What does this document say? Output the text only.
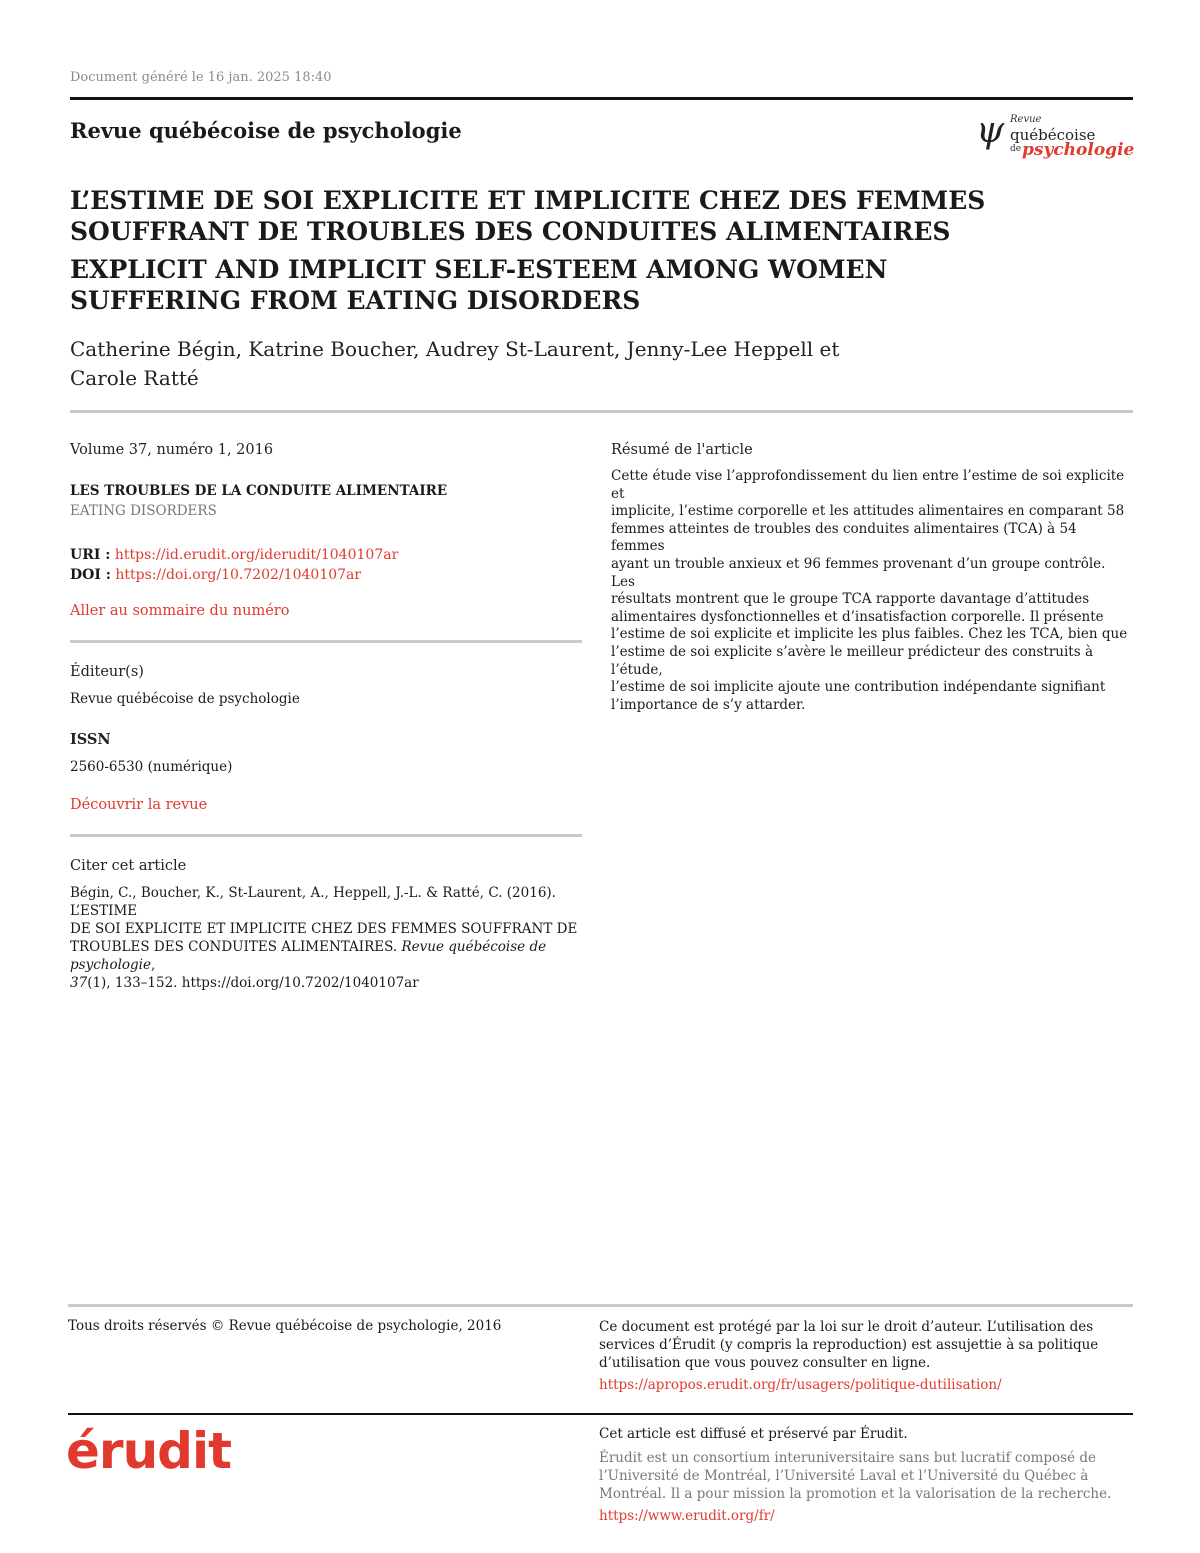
Document généré le 16 jan. 2025 18:40
Revue québécoise de psychologie	ψ Revue
québécoise
de psychologie
L’ESTIME DE SOI EXPLICITE ET IMPLICITE CHEZ DES FEMMES
SOUFFRANT DE TROUBLES DES CONDUITES ALIMENTAIRES
EXPLICIT AND IMPLICIT SELF-ESTEEM AMONG WOMEN
SUFFERING FROM EATING DISORDERS
Catherine Bégin, Katrine Boucher, Audrey St-Laurent, Jenny-Lee Heppell et
Carole Ratté
Volume 37, numéro 1, 2016
LES TROUBLES DE LA CONDUITE ALIMENTAIRE
EATING DISORDERS
URI : https://id.erudit.org/iderudit/1040107ar
DOI : https://doi.org/10.7202/1040107ar
Aller au sommaire du numéro
Éditeur(s)
Revue québécoise de psychologie
ISSN
2560-6530 (numérique)
Découvrir la revue
Citer cet article
Bégin, C., Boucher, K., St-Laurent, A., Heppell, J.-L. & Ratté, C. (2016). L’ESTIME
DE SOI EXPLICITE ET IMPLICITE CHEZ DES FEMMES SOUFFRANT DE
TROUBLES DES CONDUITES ALIMENTAIRES. Revue québécoise de psychologie,
37(1), 133–152. https://doi.org/10.7202/1040107ar
Résumé de l'article
Cette étude vise l’approfondissement du lien entre l’estime de soi explicite et
implicite, l’estime corporelle et les attitudes alimentaires en comparant 58
femmes atteintes de troubles des conduites alimentaires (TCA) à 54 femmes
ayant un trouble anxieux et 96 femmes provenant d’un groupe contrôle. Les
résultats montrent que le groupe TCA rapporte davantage d’attitudes
alimentaires dysfonctionnelles et d’insatisfaction corporelle. Il présente
l’estime de soi explicite et implicite les plus faibles. Chez les TCA, bien que
l’estime de soi explicite s’avère le meilleur prédicteur des construits à l’étude,
l’estime de soi implicite ajoute une contribution indépendante signifiant
l’importance de s’y attarder.
Tous droits réservés © Revue québécoise de psychologie, 2016	Ce document est protégé par la loi sur le droit d’auteur. L’utilisation des
services d’Érudit (y compris la reproduction) est assujettie à sa politique
d’utilisation que vous pouvez consulter en ligne.
https://apropos.erudit.org/fr/usagers/politique-dutilisation/
érudit	Cet article est diffusé et préservé par Érudit.
Érudit est un consortium interuniversitaire sans but lucratif composé de
l’Université de Montréal, l’Université Laval et l’Université du Québec à
Montréal. Il a pour mission la promotion et la valorisation de la recherche.
https://www.erudit.org/fr/
